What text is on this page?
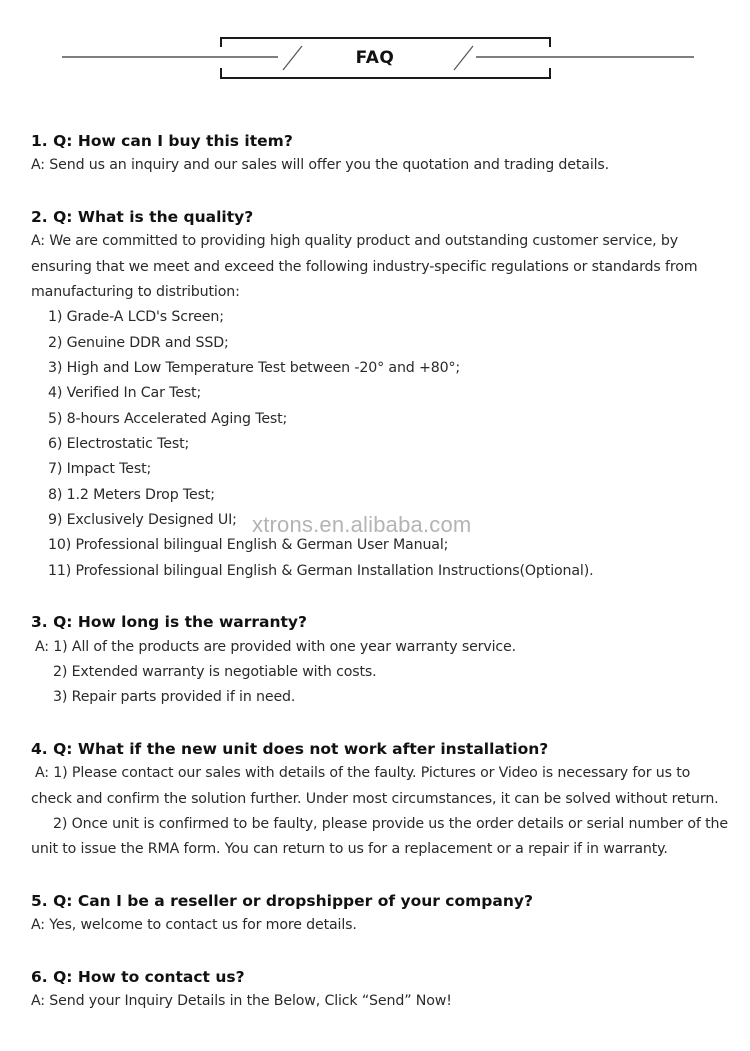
FAQ
1. Q: How can I buy this item?
A: Send us an inquiry and our sales will offer you the quotation and trading details.
2. Q: What is the quality?
A: We are committed to providing high quality product and outstanding customer service, by
ensuring that we meet and exceed the following industry-specific regulations or standards from
manufacturing to distribution:
1) Grade-A LCD's Screen;
2) Genuine DDR and SSD;
3) High and Low Temperature Test between -20° and +80°;
4) Verified In Car Test;
5) 8-hours Accelerated Aging Test;
6) Electrostatic Test;
7) Impact Test;
8) 1.2 Meters Drop Test;
9) Exclusively Designed UI;
10) Professional bilingual English & German User Manual;
11) Professional bilingual English & German Installation Instructions(Optional).
3. Q: How long is the warranty?
A: 1) All of the products are provided with one year warranty service.
2) Extended warranty is negotiable with costs.
3) Repair parts provided if in need.
4. Q: What if the new unit does not work after installation?
A: 1) Please contact our sales with details of the faulty. Pictures or Video is necessary for us to
check and confirm the solution further. Under most circumstances, it can be solved without return.
2) Once unit is confirmed to be faulty, please provide us the order details or serial number of the
unit to issue the RMA form. You can return to us for a replacement or a repair if in warranty.
5. Q: Can I be a reseller or dropshipper of your company?
A: Yes, welcome to contact us for more details.
6. Q: How to contact us?
A: Send your Inquiry Details in the Below, Click “Send” Now!
xtrons.en.alibaba.com
